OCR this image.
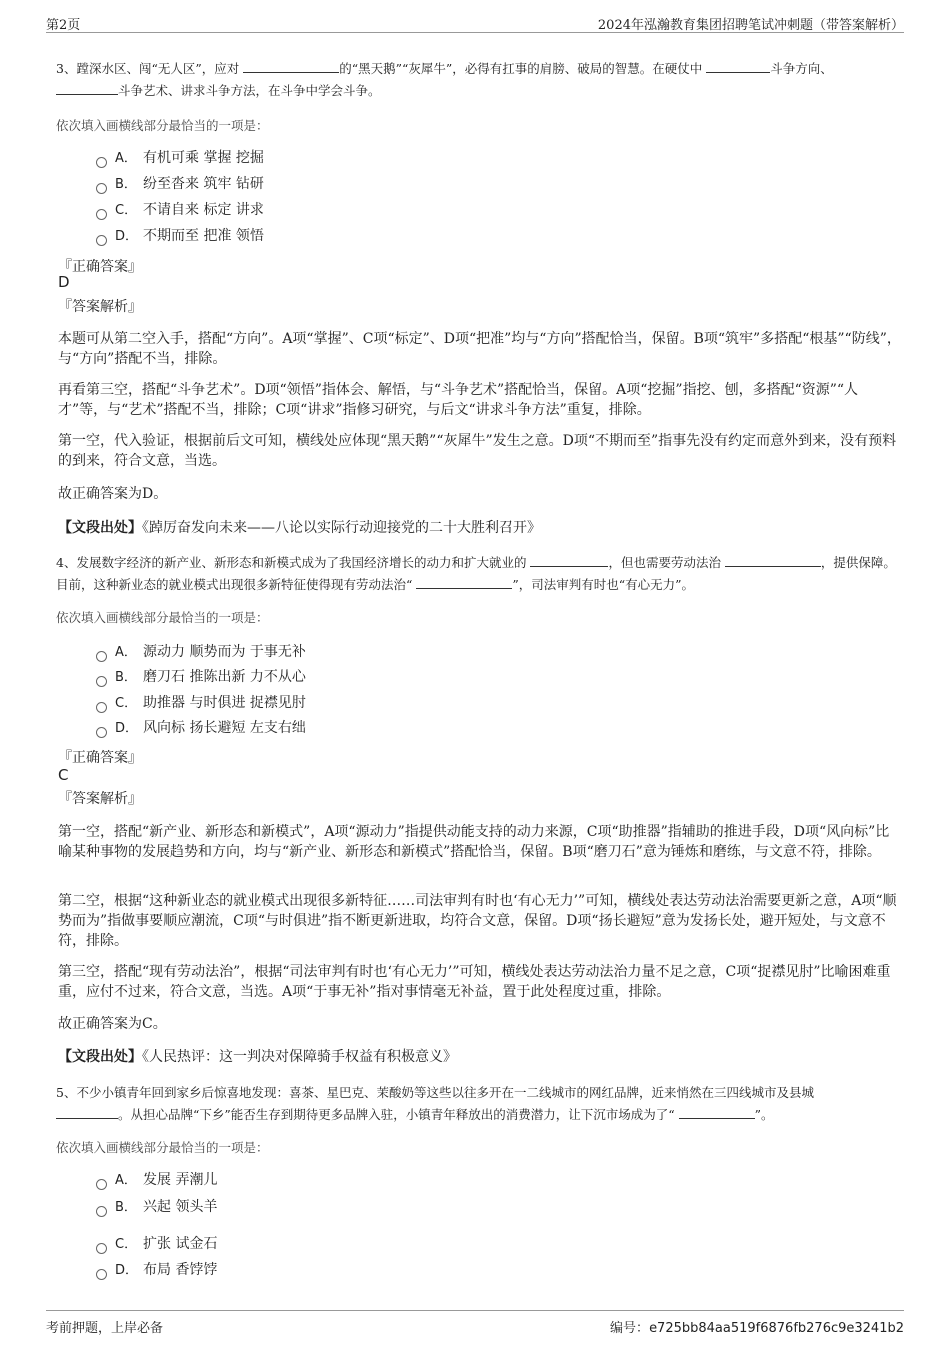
第2页	2024年泓瀚教育集团招聘笔试冲刺题（带答案解析）
3、蹚深水区、闯“无人区”，应对	的“黑天鹅”“灰犀牛”，必得有扛事的肩膀、破局的智慧。在硬仗中	斗争方向、
斗争艺术、讲求斗争方法，在斗争中学会斗争。
依次填入画横线部分最恰当的一项是：
A． 有机可乘 掌握 挖掘
B． 纷至沓来 筑牢 钻研
C． 不请自来 标定 讲求
D． 不期而至 把准 领悟
『正确答案』
D
『答案解析』
本题可从第二空入手，搭配“方向”。A项“掌握”、C项“标定”、D项“把准”均与“方向”搭配恰当，保留。B项“筑牢”多搭配“根基”“防线”，与“方向”搭配不当，排除。
再看第三空，搭配“斗争艺术”。D项“领悟”指体会、解悟，与“斗争艺术”搭配恰当，保留。A项“挖掘”指挖、刨，多搭配“资源”“人才”等，与“艺术”搭配不当，排除；C项“讲求”指修习研究，与后文“讲求斗争方法”重复，排除。
第一空，代入验证，根据前后文可知，横线处应体现“黑天鹅”“灰犀牛”发生之意。D项“不期而至”指事先没有约定而意外到来，没有预料的到来，符合文意，当选。
故正确答案为D。
【文段出处】《踔厉奋发向未来——八论以实际行动迎接党的二十大胜利召开》
4、发展数字经济的新产业、新形态和新模式成为了我国经济增长的动力和扩大就业的	，但也需要劳动法治	，提供保障。目前，这种新业态的就业模式出现很多新特征使得现有劳动法治“	”，司法审判有时也“有心无力”。
依次填入画横线部分最恰当的一项是：
A． 源动力 顺势而为 于事无补
B． 磨刀石 推陈出新 力不从心
C． 助推器 与时俱进 捉襟见肘
D． 风向标 扬长避短 左支右绌
『正确答案』
C
『答案解析』
第一空，搭配“新产业、新形态和新模式”，A项“源动力”指提供动能支持的动力来源，C项“助推器”指辅助的推进手段，D项“风向标”比喻某种事物的发展趋势和方向，均与“新产业、新形态和新模式”搭配恰当，保留。B项“磨刀石”意为锤炼和磨练，与文意不符，排除。
第二空，根据“这种新业态的就业模式出现很多新特征……司法审判有时也‘有心无力’”可知，横线处表达劳动法治需要更新之意，A项“顺势而为”指做事要顺应潮流，C项“与时俱进”指不断更新进取，均符合文意，保留。D项“扬长避短”意为发扬长处，避开短处，与文意不符，排除。
第三空，搭配“现有劳动法治”，根据“司法审判有时也‘有心无力’”可知，横线处表达劳动法治力量不足之意，C项“捉襟见肘”比喻困难重重，应付不过来，符合文意，当选。A项“于事无补”指对事情毫无补益，置于此处程度过重，排除。
故正确答案为C。
【文段出处】《人民热评：这一判决对保障骑手权益有积极意义》
5、不少小镇青年回到家乡后惊喜地发现：喜茶、星巴克、茉酸奶等这些以往多开在一二线城市的网红品牌，近来悄然在三四线城市及县城
。从担心品牌“下乡”能否生存到期待更多品牌入驻，小镇青年释放出的消费潜力，让下沉市场成为了“	”。
依次填入画横线部分最恰当的一项是：
A． 发展 弄潮儿
B． 兴起 领头羊
C． 扩张 试金石
D． 布局 香饽饽
考前押题，上岸必备	编号：e725bb84aa519f6876fb276c9e3241b2
